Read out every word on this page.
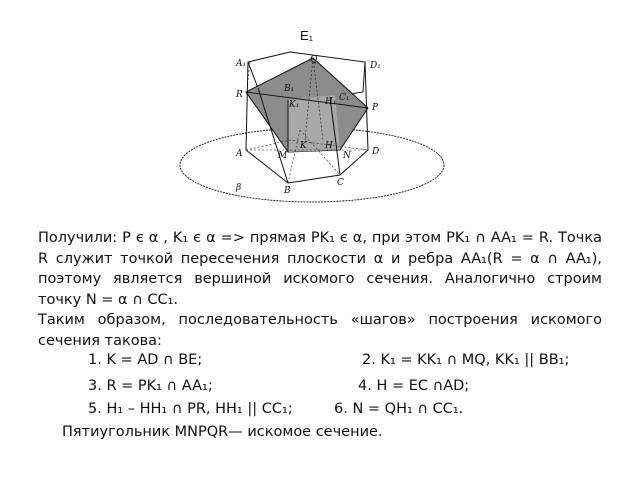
E₁
A₁	Q
D₁
B₁
C₁
R
K₁	H₁
P
A	M
K H
D
N
B
C
β

Получили: P є α , K₁ є α => прямая PK₁ є α, при этом PK₁ ∩ AA₁ = R. Точка R служит точкой пересечения плоскости α и ребра AA₁(R = α ∩ AA₁), поэтому является вершиной искомого сечения. Аналогично строим точку N = α ∩ CC₁.

Таким образом, последовательность «шагов» построения искомого сечения такова:

1. K = AD ∩ BE;	2. K₁ = KK₁ ∩ MQ, KK₁ || BB₁;
3. R = PK₁ ∩ AA₁;	4. H = EC ∩AD;
5. H₁ – HH₁ ∩ PR, HH₁ || CC₁;	6. N = QH₁ ∩ CC₁.
Пятиугольник MNPQR— искомое сечение.
